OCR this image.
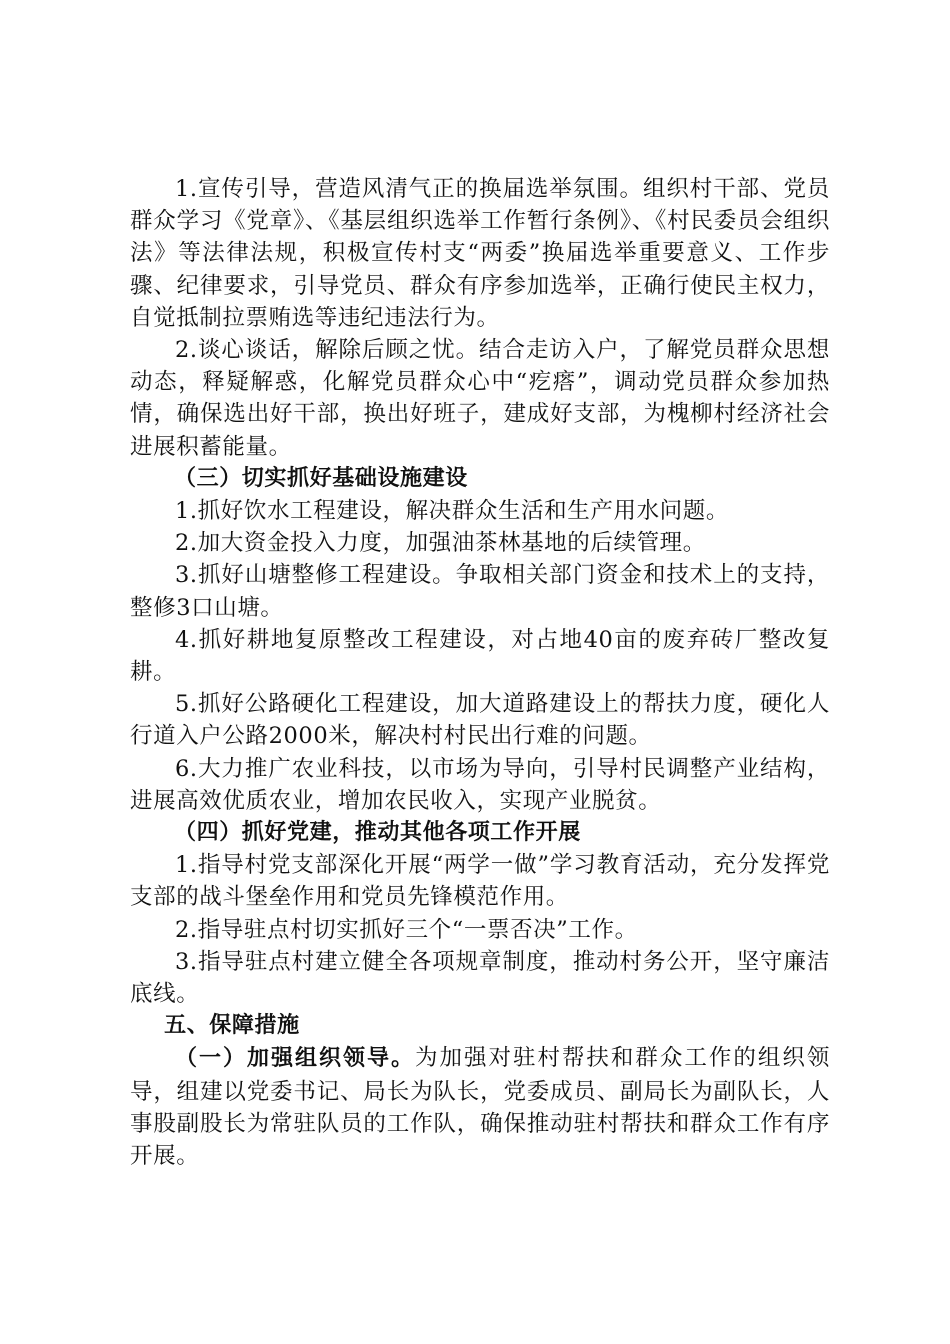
1.宣传引导，营造风清气正的换届选举氛围。组织村干部、党员群众学习《党章》、《基层组织选举工作暂行条例》、《村民委员会组织法》等法律法规，积极宣传村支“两委”换届选举重要意义、工作步骤、纪律要求，引导党员、群众有序参加选举，正确行使民主权力，自觉抵制拉票贿选等违纪违法行为。

2.谈心谈话，解除后顾之忧。结合走访入户，了解党员群众思想动态，释疑解惑，化解党员群众心中“疙瘩”，调动党员群众参加热情，确保选出好干部，换出好班子，建成好支部，为槐柳村经济社会进展积蓄能量。

（三）切实抓好基础设施建设

1.抓好饮水工程建设，解决群众生活和生产用水问题。

2.加大资金投入力度，加强油茶林基地的后续管理。

3.抓好山塘整修工程建设。争取相关部门资金和技术上的支持，整修3口山塘。

4.抓好耕地复原整改工程建设，对占地40亩的废弃砖厂整改复耕。

5.抓好公路硬化工程建设，加大道路建设上的帮扶力度，硬化人行道入户公路2000米，解决村村民出行难的问题。

6.大力推广农业科技，以市场为导向，引导村民调整产业结构，进展高效优质农业，增加农民收入，实现产业脱贫。

（四）抓好党建，推动其他各项工作开展

1.指导村党支部深化开展“两学一做”学习教育活动，充分发挥党支部的战斗堡垒作用和党员先锋模范作用。

2.指导驻点村切实抓好三个“一票否决”工作。

3.指导驻点村建立健全各项规章制度，推动村务公开，坚守廉洁底线。

五、保障措施

（一）加强组织领导。为加强对驻村帮扶和群众工作的组织领导，组建以党委书记、局长为队长，党委成员、副局长为副队长，人事股副股长为常驻队员的工作队，确保推动驻村帮扶和群众工作有序开展。
